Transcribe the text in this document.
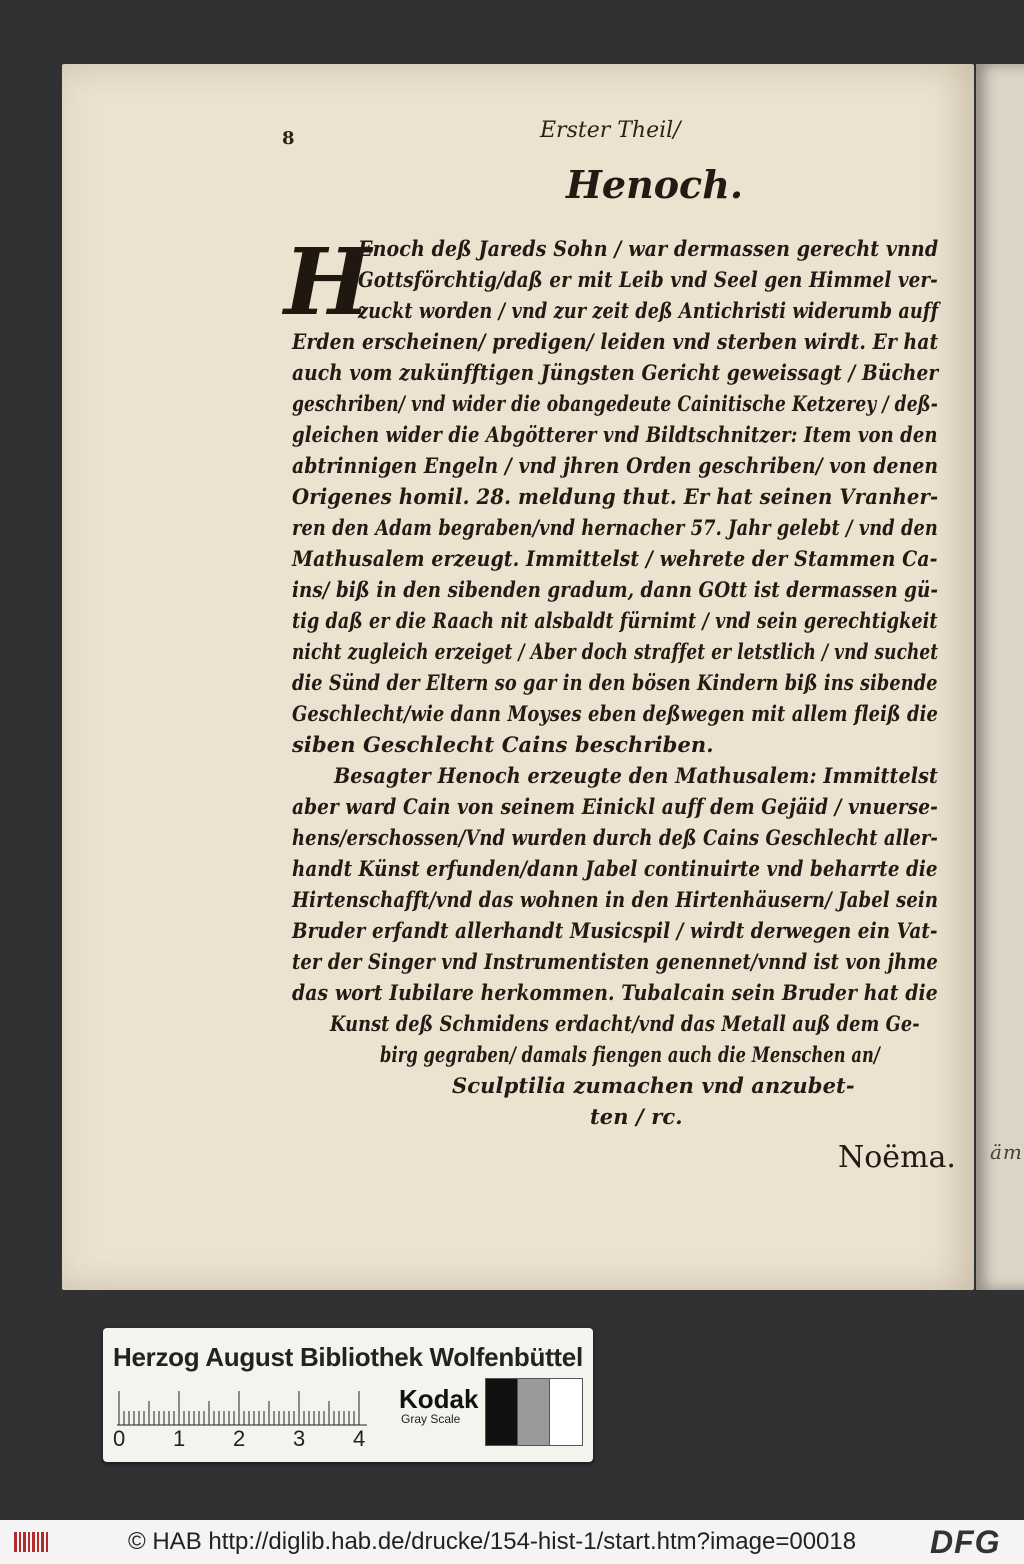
äm
8	Erster Theil/
Henoch.
H
Enoch deß Jareds Sohn / war dermassen gerecht vnnd
Gottsförchtig/daß er mit Leib vnd Seel gen Himmel ver-
zuckt worden / vnd zur zeit deß Antichristi widerumb auff
Erden erscheinen/ predigen/ leiden vnd sterben wirdt. Er hat
auch vom zukünfftigen Jüngsten Gericht geweissagt / Bücher
geschriben/ vnd wider die obangedeute Cainitische Ketzerey / deß-
gleichen wider die Abgötterer vnd Bildtschnitzer: Item von den
abtrinnigen Engeln / vnd jhren Orden geschriben/ von denen
Origenes homil. 28. meldung thut. Er hat seinen Vranher-
ren den Adam begraben/vnd hernacher 57. Jahr gelebt / vnd den
Mathusalem erzeugt. Immittelst / wehrete der Stammen Ca-
ins/ biß in den sibenden gradum, dann GOtt ist dermassen gü-
tig daß er die Raach nit alsbaldt fürnimt / vnd sein gerechtigkeit
nicht zugleich erzeiget / Aber doch straffet er letstlich / vnd suchet
die Sünd der Eltern so gar in den bösen Kindern biß ins sibende
Geschlecht/wie dann Moyses eben deßwegen mit allem fleiß die
siben Geschlecht Cains beschriben.
Besagter Henoch erzeugte den Mathusalem: Immittelst
aber ward Cain von seinem Einickl auff dem Gejäid / vnuerse-
hens/erschossen/Vnd wurden durch deß Cains Geschlecht aller-
handt Künst erfunden/dann Jabel continuirte vnd beharrte die
Hirtenschafft/vnd das wohnen in den Hirtenhäusern/ Jabel sein
Bruder erfandt allerhandt Musicspil / wirdt derwegen ein Vat-
ter der Singer vnd Instrumentisten genennet/vnnd ist von jhme
das wort Iubilare herkommen. Tubalcain sein Bruder hat die
Kunst deß Schmidens erdacht/vnd das Metall auß dem Ge-
birg gegraben/ damals fiengen auch die Menschen an/
Sculptilia zumachen vnd anzubet-
ten / rc.
Noëma.
Herzog August Bibliothek Wolfenbüttel
0 1 2 3 4
Kodak
Gray Scale
© HAB http://diglib.hab.de/drucke/154-hist-1/start.htm?image=00018 DFG
